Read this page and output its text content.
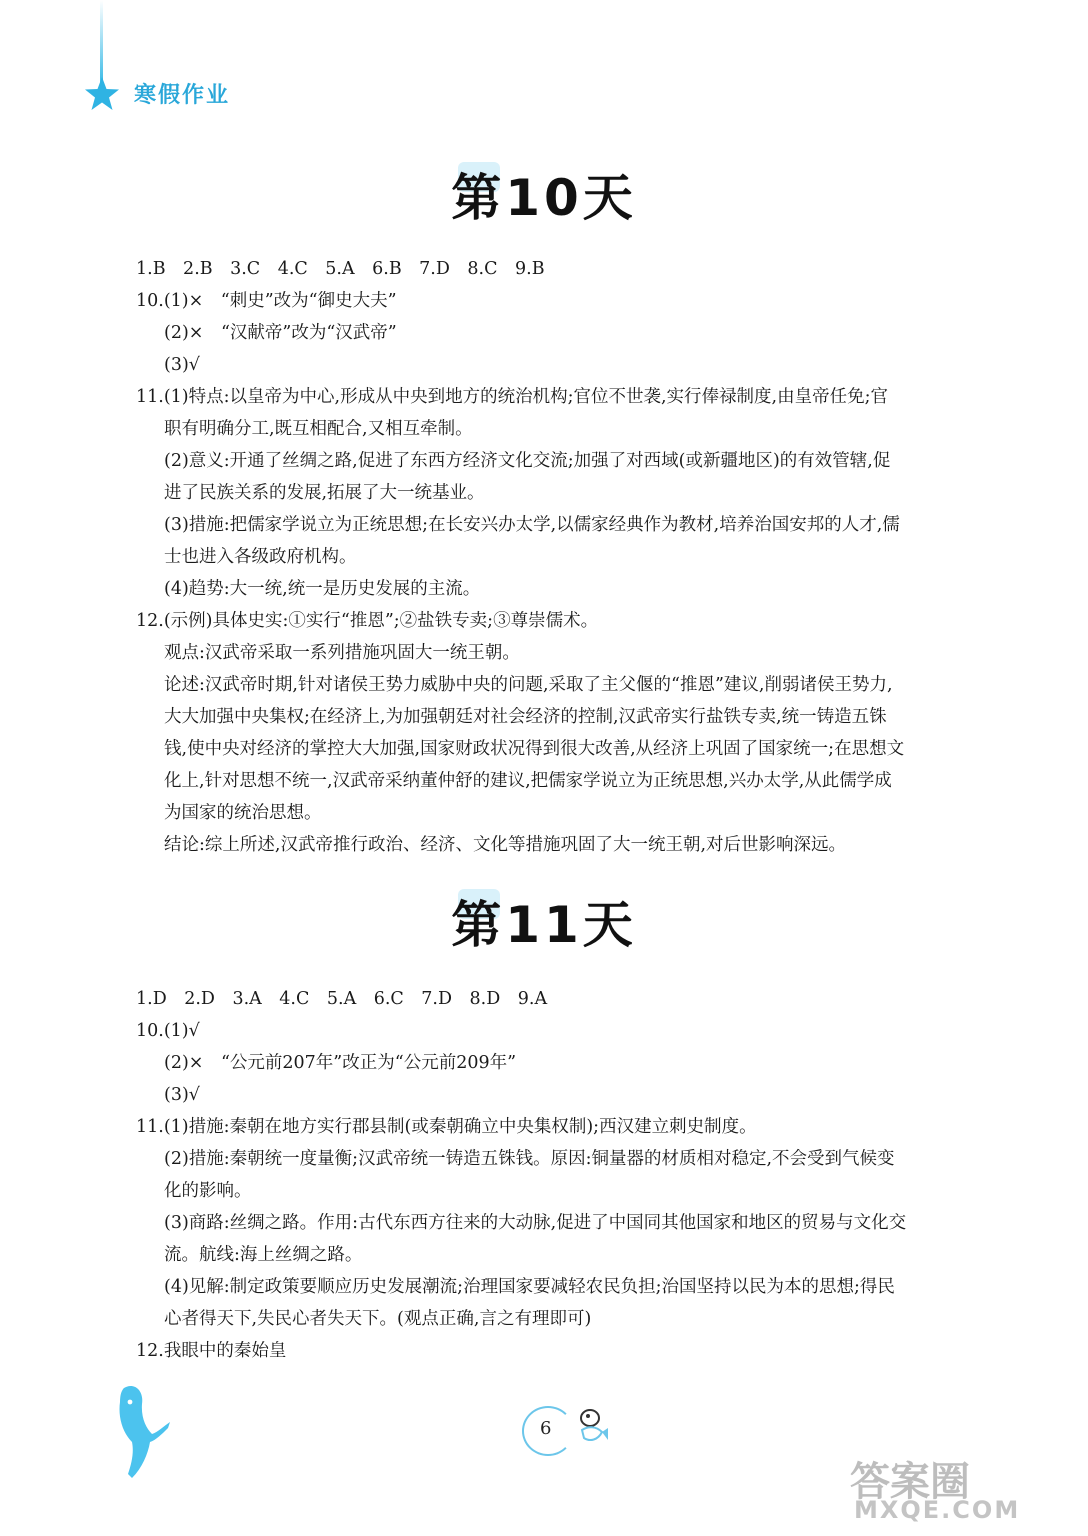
寒假作业
第10天
1.B　2.B　3.C　4.C　5.A　6.B　7.D　8.C　9.B
10.(1)×　“刺史”改为“御史大夫”
(2)×　“汉献帝”改为“汉武帝”
(3)√
11.(1)特点:以皇帝为中心,形成从中央到地方的统治机构;官位不世袭,实行俸禄制度,由皇帝任免;官
职有明确分工,既互相配合,又相互牵制。
(2)意义:开通了丝绸之路,促进了东西方经济文化交流;加强了对西域(或新疆地区)的有效管辖,促
进了民族关系的发展,拓展了大一统基业。
(3)措施:把儒家学说立为正统思想;在长安兴办太学,以儒家经典作为教材,培养治国安邦的人才,儒
士也进入各级政府机构。
(4)趋势:大一统,统一是历史发展的主流。
12.(示例)具体史实:①实行“推恩”;②盐铁专卖;③尊崇儒术。
观点:汉武帝采取一系列措施巩固大一统王朝。
论述:汉武帝时期,针对诸侯王势力威胁中央的问题,采取了主父偃的“推恩”建议,削弱诸侯王势力,
大大加强中央集权;在经济上,为加强朝廷对社会经济的控制,汉武帝实行盐铁专卖,统一铸造五铢
钱,使中央对经济的掌控大大加强,国家财政状况得到很大改善,从经济上巩固了国家统一;在思想文
化上,针对思想不统一,汉武帝采纳董仲舒的建议,把儒家学说立为正统思想,兴办太学,从此儒学成
为国家的统治思想。
结论:综上所述,汉武帝推行政治、经济、文化等措施巩固了大一统王朝,对后世影响深远。
第11天
1.D　2.D　3.A　4.C　5.A　6.C　7.D　8.D　9.A
10.(1)√
(2)×　“公元前207年”改正为“公元前209年”
(3)√
11.(1)措施:秦朝在地方实行郡县制(或秦朝确立中央集权制);西汉建立刺史制度。
(2)措施:秦朝统一度量衡;汉武帝统一铸造五铢钱。原因:铜量器的材质相对稳定,不会受到气候变
化的影响。
(3)商路:丝绸之路。作用:古代东西方往来的大动脉,促进了中国同其他国家和地区的贸易与文化交
流。航线:海上丝绸之路。
(4)见解:制定政策要顺应历史发展潮流;治理国家要减轻农民负担;治国坚持以民为本的思想;得民
心者得天下,失民心者失天下。(观点正确,言之有理即可)
12.我眼中的秦始皇
6
答案圈
MXQE.COM
